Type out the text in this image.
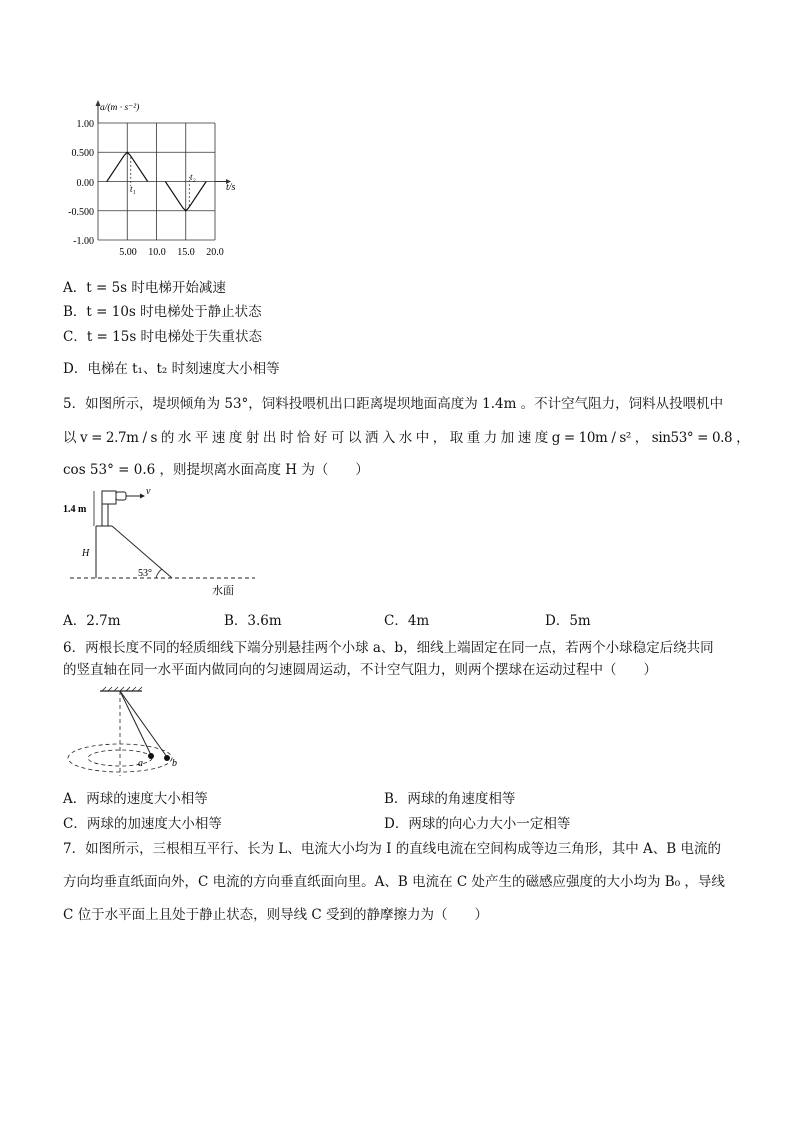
a/(m · s⁻²)
t/s
1.00
0.500
0.00
-0.500
-1.00
5.00 10.0 15.0 20.0
t₁
t₂
A．t = 5s 时电梯开始减速
B．t = 10s 时电梯处于静止状态
C．t = 15s 时电梯处于失重状态
D．电梯在 t₁、t₂ 时刻速度大小相等
5．如图所示，堤坝倾角为 53°，饲料投喂机出口距离堤坝地面高度为 1.4m 。不计空气阻力，饲料从投喂机中
以 v = 2.7m / s 的 水 平 速 度 射 出 时 恰 好 可 以 洒 入 水 中 ， 取 重 力 加 速 度 g = 10m / s² ， sin53° = 0.8 ，
cos 53° = 0.6 ，则提坝离水面高度 H 为（　　）
v
1.4 m
H
53°
水面
A．2.7m	B．3.6m	C．4m	D．5m
6．两根长度不同的轻质细线下端分别悬挂两个小球 a、b，细线上端固定在同一点，若两个小球稳定后绕共同
的竖直轴在同一水平面内做同向的匀速圆周运动，不计空气阻力，则两个摆球在运动过程中（　　）
a	b
A．两球的速度大小相等	B．两球的角速度相等
C．两球的加速度大小相等	D．两球的向心力大小一定相等
7．如图所示，三根相互平行、长为 L、电流大小均为 I 的直线电流在空间构成等边三角形，其中 A、B 电流的
方向均垂直纸面向外，C 电流的方向垂直纸面向里。A、B 电流在 C 处产生的磁感应强度的大小均为 B₀ ，导线
C 位于水平面上且处于静止状态，则导线 C 受到的静摩擦力为（　　）
